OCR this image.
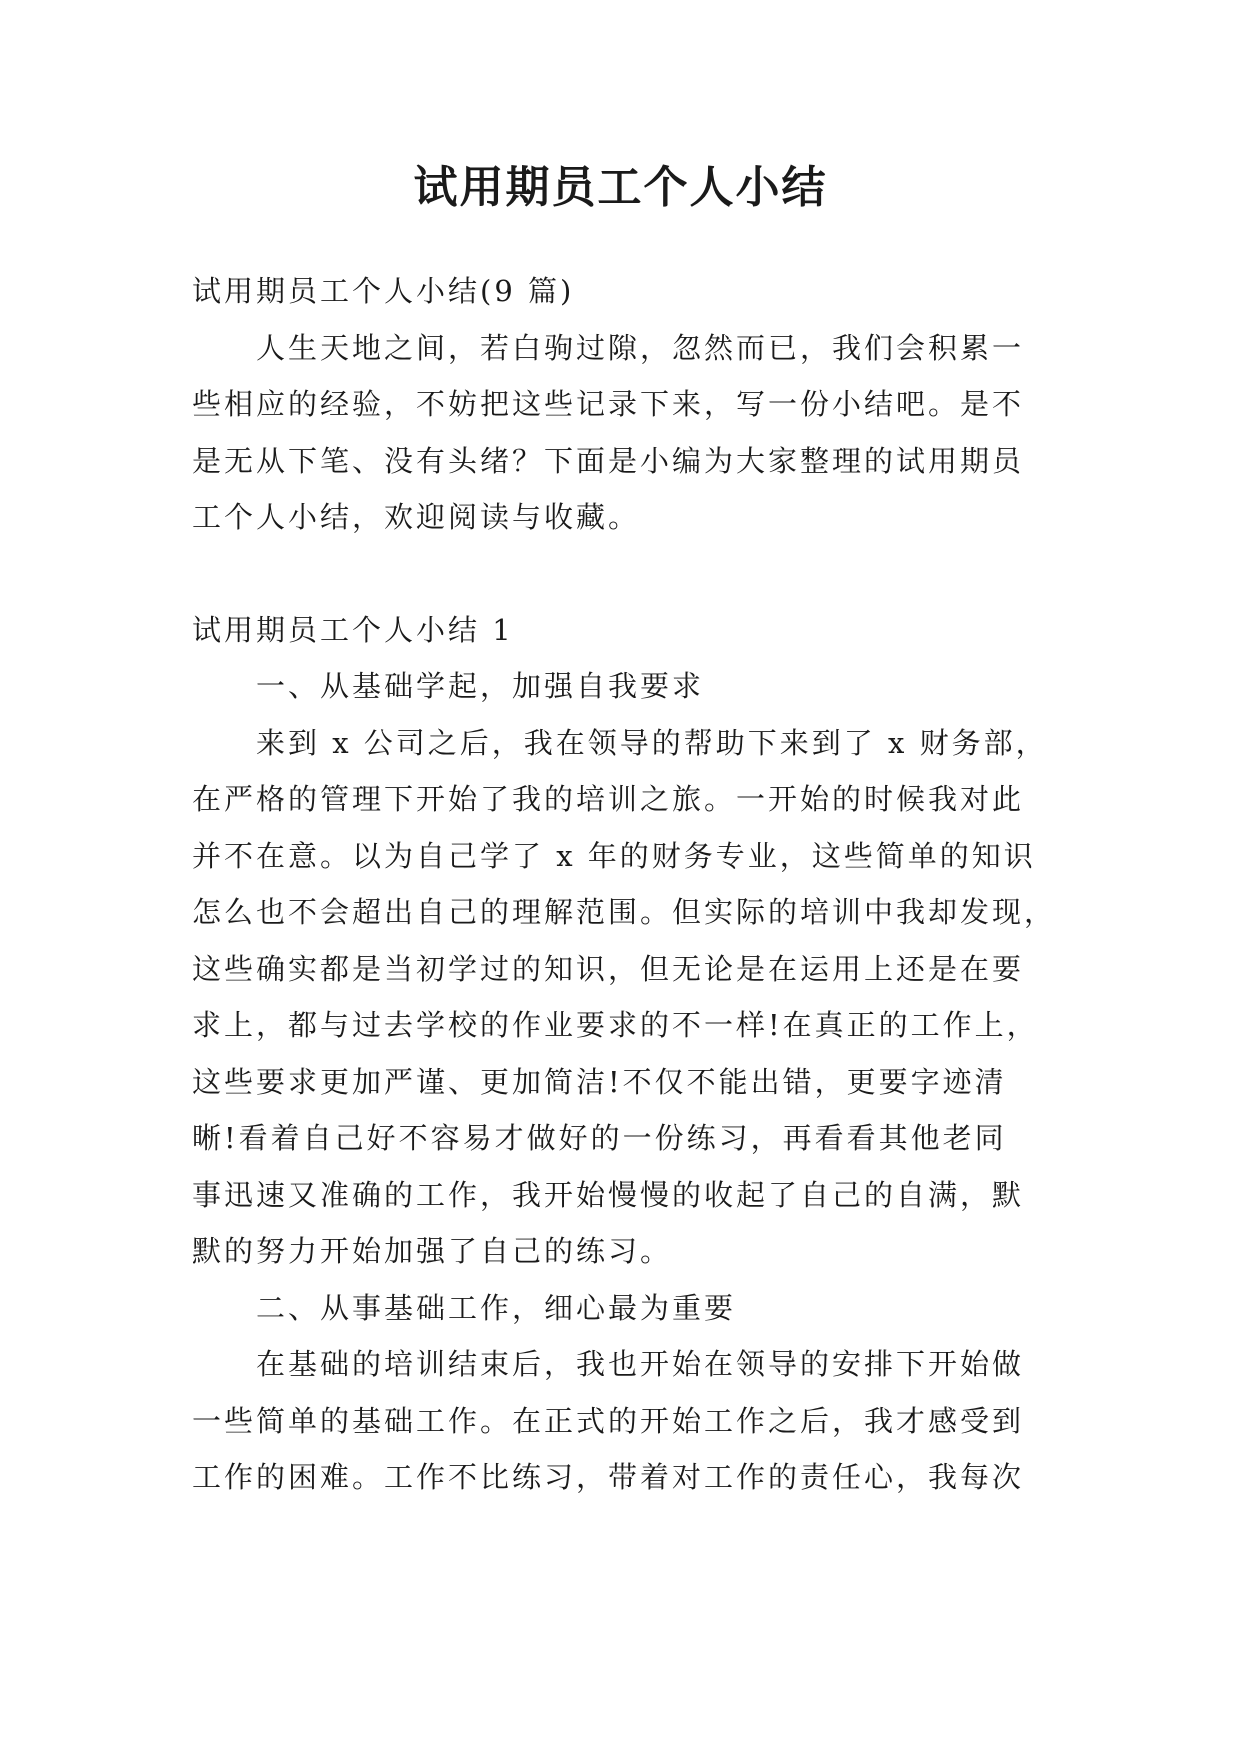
试用期员工个人小结

试用期员工个人小结(9 篇)

人生天地之间，若白驹过隙，忽然而已，我们会积累一
些相应的经验，不妨把这些记录下来，写一份小结吧。是不
是无从下笔、没有头绪？下面是小编为大家整理的试用期员
工个人小结，欢迎阅读与收藏。

试用期员工个人小结 1

一、从基础学起，加强自我要求

来到 x 公司之后，我在领导的帮助下来到了 x 财务部，
在严格的管理下开始了我的培训之旅。一开始的时候我对此
并不在意。以为自己学了 x 年的财务专业，这些简单的知识
怎么也不会超出自己的理解范围。但实际的培训中我却发现，
这些确实都是当初学过的知识，但无论是在运用上还是在要
求上，都与过去学校的作业要求的不一样!在真正的工作上，
这些要求更加严谨、更加简洁!不仅不能出错，更要字迹清
晰!看着自己好不容易才做好的一份练习，再看看其他老同
事迅速又准确的工作，我开始慢慢的收起了自己的自满，默
默的努力开始加强了自己的练习。

二、从事基础工作，细心最为重要

在基础的培训结束后，我也开始在领导的安排下开始做
一些简单的基础工作。在正式的开始工作之后，我才感受到
工作的困难。工作不比练习，带着对工作的责任心，我每次
